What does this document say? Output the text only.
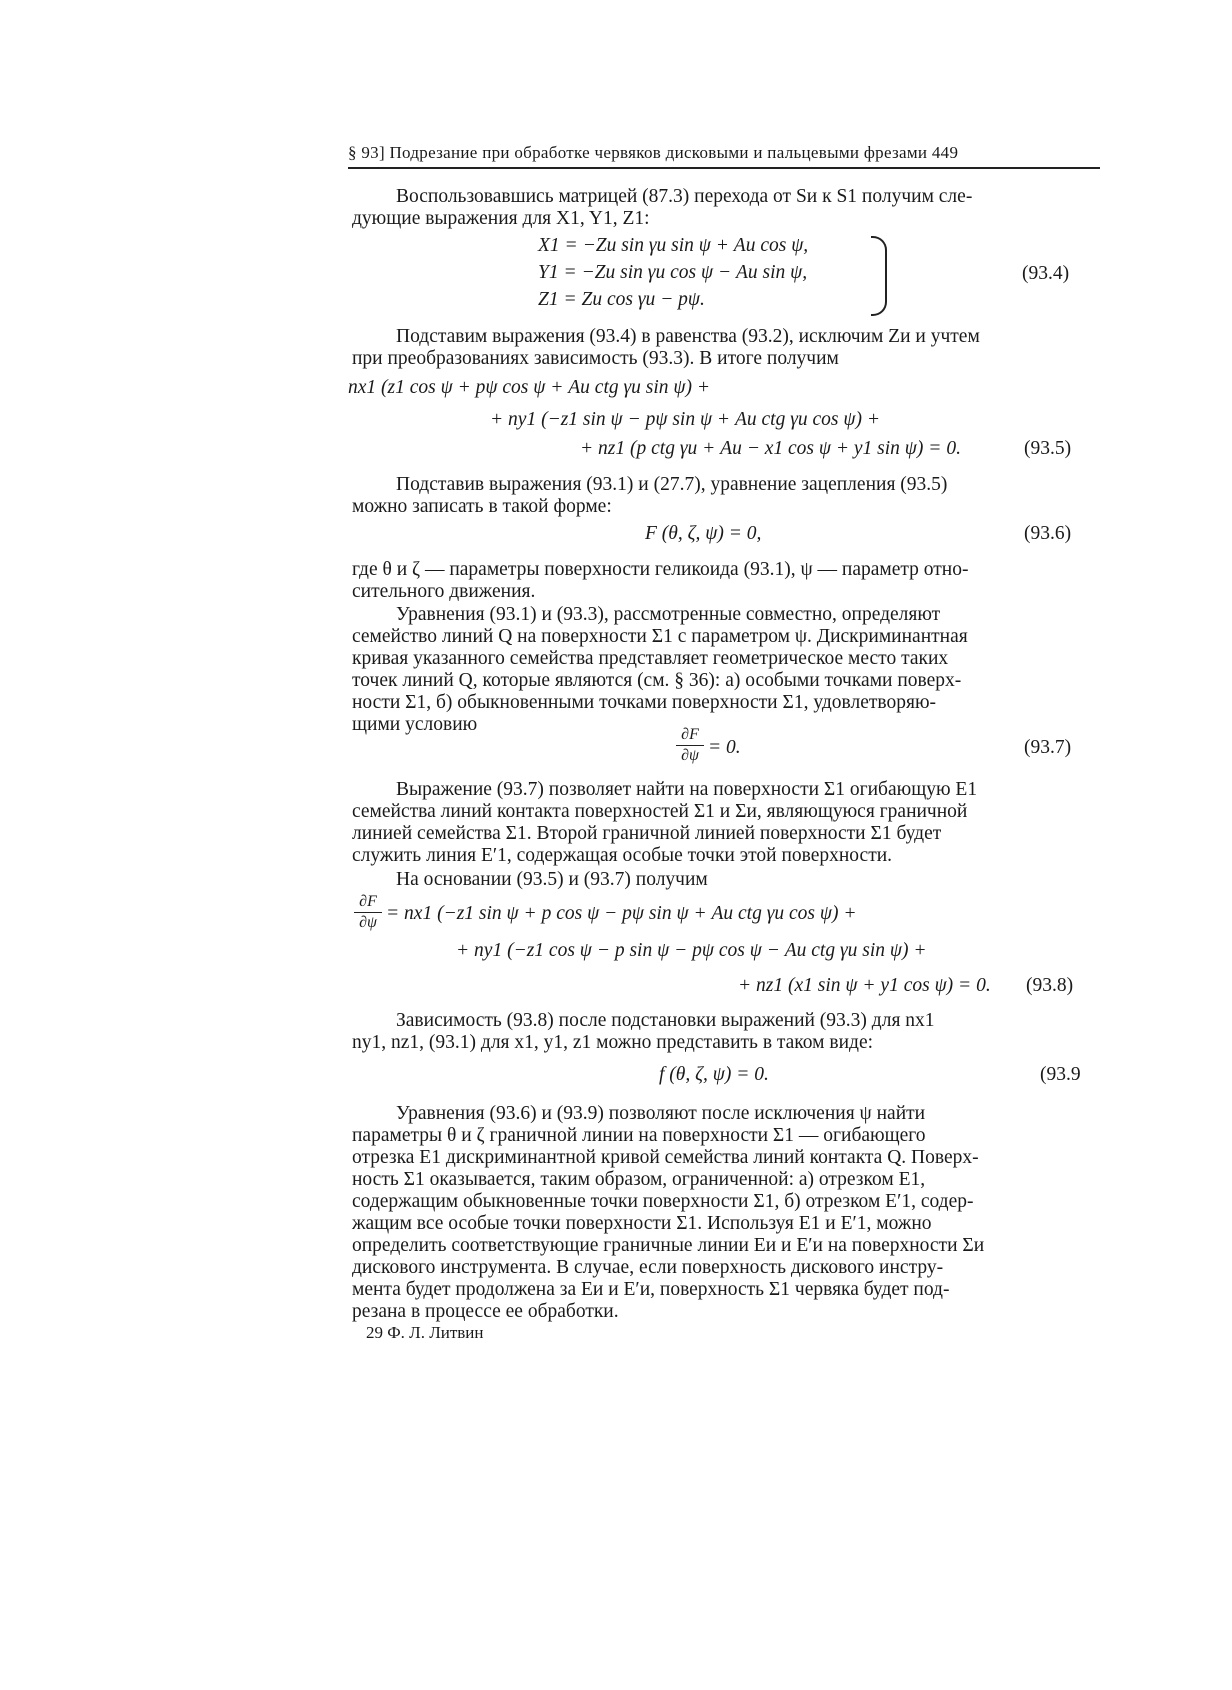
§ 93] Подрезание при обработке червяков дисковыми и пальцевыми фрезами 449
Воспользовавшись матрицей (87.3) перехода от Sи к S1 получим сле-
дующие выражения для X1, Y1, Z1:
X1 = −Zи sin γи sin ψ + Aи cos ψ,
Y1 = −Zи sin γи cos ψ − Aи sin ψ,
Z1 = Zи cos γи − pψ.
(93.4)
Подставим выражения (93.4) в равенства (93.2), исключим Zи и учтем
при преобразованиях зависимость (93.3). В итоге получим
nx1 (z1 cos ψ + pψ cos ψ + Aи ctg γи sin ψ) +
+ ny1 (−z1 sin ψ − pψ sin ψ + Aи ctg γи cos ψ) +
+ nz1 (p ctg γи + Aи − x1 cos ψ + y1 sin ψ) = 0.	(93.5)
Подставив выражения (93.1) и (27.7), уравнение зацепления (93.5)
можно записать в такой форме:
F (θ, ζ, ψ) = 0,	(93.6)
где θ и ζ — параметры поверхности геликоида (93.1), ψ — параметр отно-
сительного движения.
Уравнения (93.1) и (93.3), рассмотренные совместно, определяют
семейство линий Q на поверхности Σ1 с параметром ψ. Дискриминантная
кривая указанного семейства представляет геометрическое место таких
точек линий Q, которые являются (см. § 36): а) особыми точками поверх-
ности Σ1, б) обыкновенными точками поверхности Σ1, удовлетворяю-
щими условию	∂F
∂ψ = 0.	(93.7)
Выражение (93.7) позволяет найти на поверхности Σ1 огибающую E1
семейства линий контакта поверхностей Σ1 и Σи, являющуюся граничной
линией семейства Σ1. Второй граничной линией поверхности Σ1 будет
служить линия E′1, содержащая особые точки этой поверхности.
На основании (93.5) и (93.7) получим
∂F
∂ψ = nx1 (−z1 sin ψ + p cos ψ − pψ sin ψ + Aи ctg γи cos ψ) +
+ ny1 (−z1 cos ψ − p sin ψ − pψ cos ψ − Aи ctg γи sin ψ) +
+ nz1 (x1 sin ψ + y1 cos ψ) = 0. (93.8)
Зависимость (93.8) после подстановки выражений (93.3) для nx1
ny1, nz1, (93.1) для x1, y1, z1 можно представить в таком виде:
f (θ, ζ, ψ) = 0.	(93.9
Уравнения (93.6) и (93.9) позволяют после исключения ψ найти
параметры θ и ζ граничной линии на поверхности Σ1 — огибающего
отрезка E1 дискриминантной кривой семейства линий контакта Q. Поверх-
ность Σ1 оказывается, таким образом, ограниченной: а) отрезком E1,
содержащим обыкновенные точки поверхности Σ1, б) отрезком E′1, содер-
жащим все особые точки поверхности Σ1. Используя E1 и E′1, можно
определить соответствующие граничные линии Eи и E′и на поверхности Σи
дискового инструмента. В случае, если поверхность дискового инстру-
мента будет продолжена за Eи и E′и, поверхность Σ1 червяка будет под-
резана в процессе ее обработки.
29 Ф. Л. Литвин
